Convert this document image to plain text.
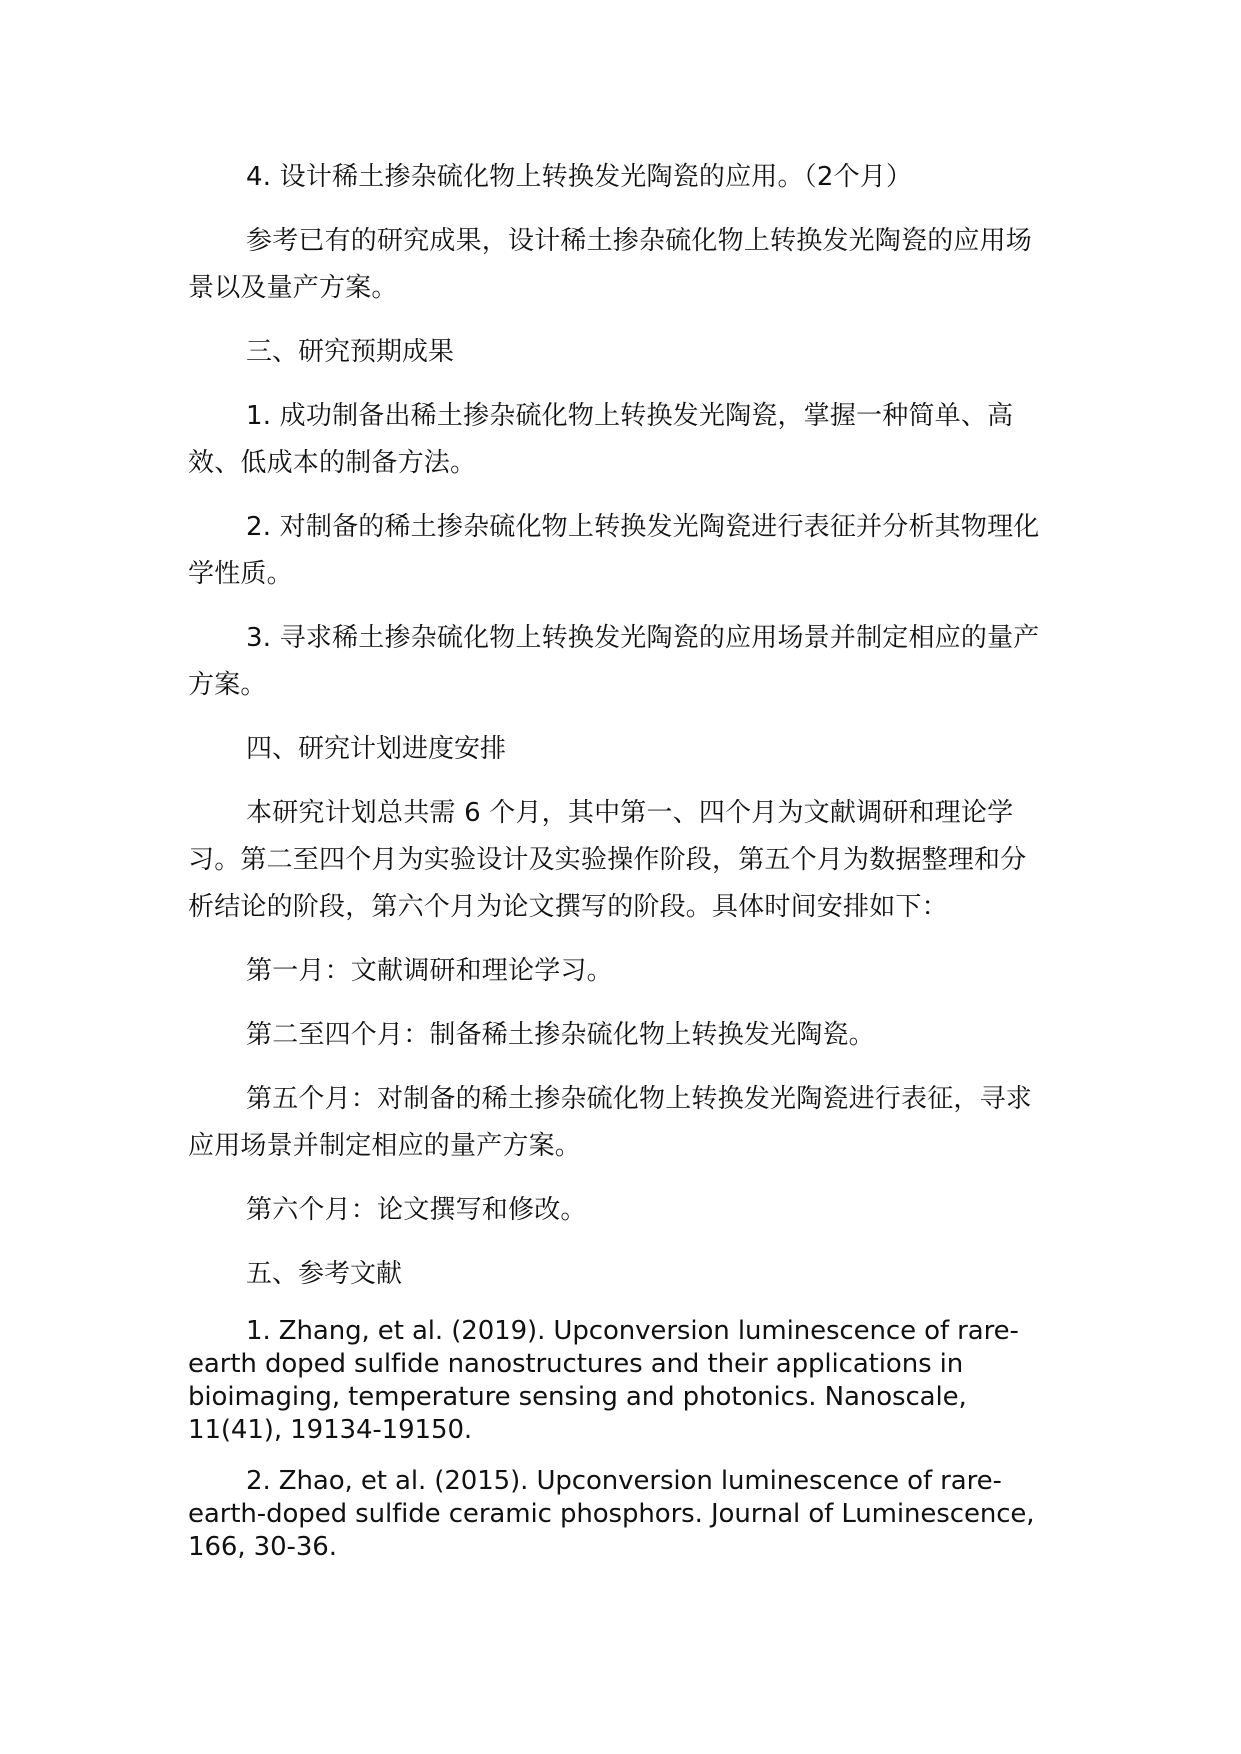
4. 设计稀土掺杂硫化物上转换发光陶瓷的应用。（2个月）

参考已有的研究成果，设计稀土掺杂硫化物上转换发光陶瓷的应用场景以及量产方案。

三、研究预期成果

1. 成功制备出稀土掺杂硫化物上转换发光陶瓷，掌握一种简单、高效、低成本的制备方法。

2. 对制备的稀土掺杂硫化物上转换发光陶瓷进行表征并分析其物理化学性质。

3. 寻求稀土掺杂硫化物上转换发光陶瓷的应用场景并制定相应的量产方案。

四、研究计划进度安排

本研究计划总共需 6 个月，其中第一、四个月为文献调研和理论学习。第二至四个月为实验设计及实验操作阶段，第五个月为数据整理和分析结论的阶段，第六个月为论文撰写的阶段。具体时间安排如下：

第一月：文献调研和理论学习。

第二至四个月：制备稀土掺杂硫化物上转换发光陶瓷。

第五个月：对制备的稀土掺杂硫化物上转换发光陶瓷进行表征，寻求应用场景并制定相应的量产方案。

第六个月：论文撰写和修改。

五、参考文献

1. Zhang, et al. (2019). Upconversion luminescence of rare-earth doped sulfide nanostructures and their applications in bioimaging, temperature sensing and photonics. Nanoscale, 11(41), 19134-19150.

2. Zhao, et al. (2015). Upconversion luminescence of rare-earth-doped sulfide ceramic phosphors. Journal of Luminescence, 166, 30-36.
